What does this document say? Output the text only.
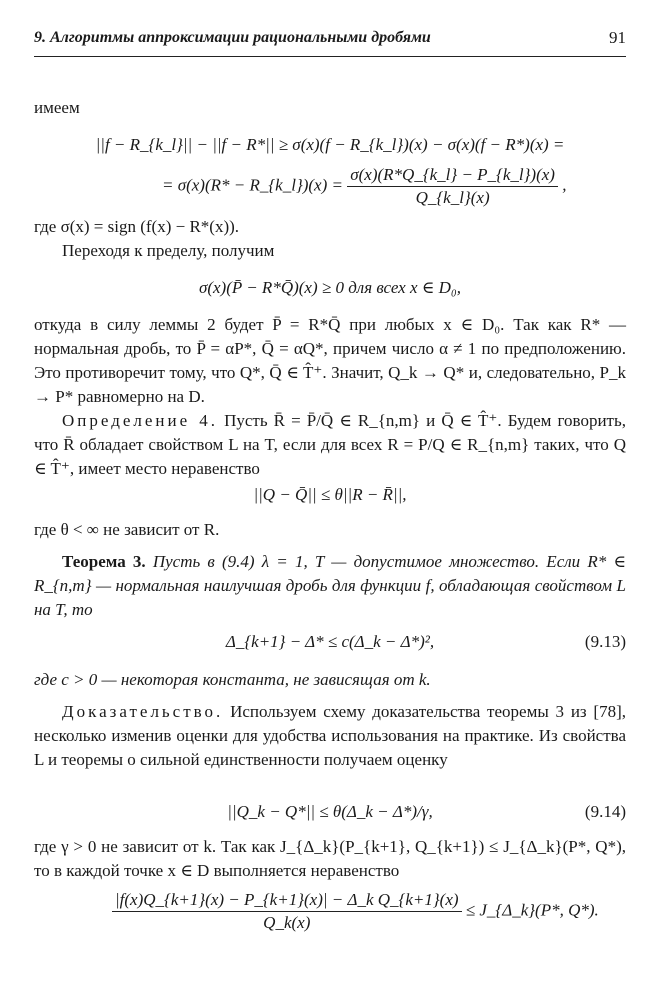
9. Алгоритмы аппроксимации рациональными дробями	91
имеем
||f − R_{k_l}|| − ||f − R*|| ≥ σ(x)(f − R_{k_l})(x) − σ(x)(f − R*)(x) =
= σ(x)(R* − R_{k_l})(x) = $\frac{\sigma(x)(R*Q\_\{k\_l\} - P\_\{k\_l\})(x)}{Q\_\{k\_l\}(x)}$ ,
где σ(x) = sign (f(x) − R*(x)).
Переходя к пределу, получим
σ(x)(P̄ − R*Q̄)(x) ≥ 0 для всех x ∈ D₀,
откуда в силу леммы 2 будет P̄ = R*Q̄ при любых x ∈ D₀. Так как R* — нормальная дробь, то P̄ = αP*, Q̄ = αQ*, причем число α ≠ 1 по предположению. Это противоречит тому, что Q*, Q̄ ∈ T̂⁺. Значит, Q_k → Q* и, следовательно, P_k → P* равномерно на D.
Определение 4. Пусть R̄ = P̄/Q̄ ∈ R_{n,m} и Q̄ ∈ T̂⁺. Будем говорить, что R̄ обладает свойством L на T, если для всех R = P/Q ∈ R_{n,m} таких, что Q ∈ T̂⁺, имеет место неравенство
||Q − Q̄|| ≤ θ||R − R̄||,
где θ < ∞ не зависит от R.
Теорема 3. Пусть в (9.4) λ = 1, T — допустимое множество. Если R* ∈ R_{n,m} — нормальная наилучшая дробь для функции f, обладающая свойством L на T, то
Δ_{k+1} − Δ* ≤ c(Δ_k − Δ*)²,	(9.13)
где c > 0 — некоторая константа, не зависящая от k.
Доказательство. Используем схему доказательства теоремы 3 из [78], несколько изменив оценки для удобства использования на практике. Из свойства L и теоремы о сильной единственности получаем оценку
||Q_k − Q*|| ≤ θ(Δ_k − Δ*)/γ,	(9.14)
где γ > 0 не зависит от k. Так как J_{Δ_k}(P_{k+1}, Q_{k+1}) ≤ J_{Δ_k}(P*, Q*), то в каждой точке x ∈ D выполняется неравенство
$\frac{\text{|f(x)Q\_\{k+1\}(x) − P\_\{k+1\}(x)| − Δ\_k Q\_\{k+1\}(x)}}{Q\_k(x)}$ ≤ J_{Δ_k}(P*, Q*).
